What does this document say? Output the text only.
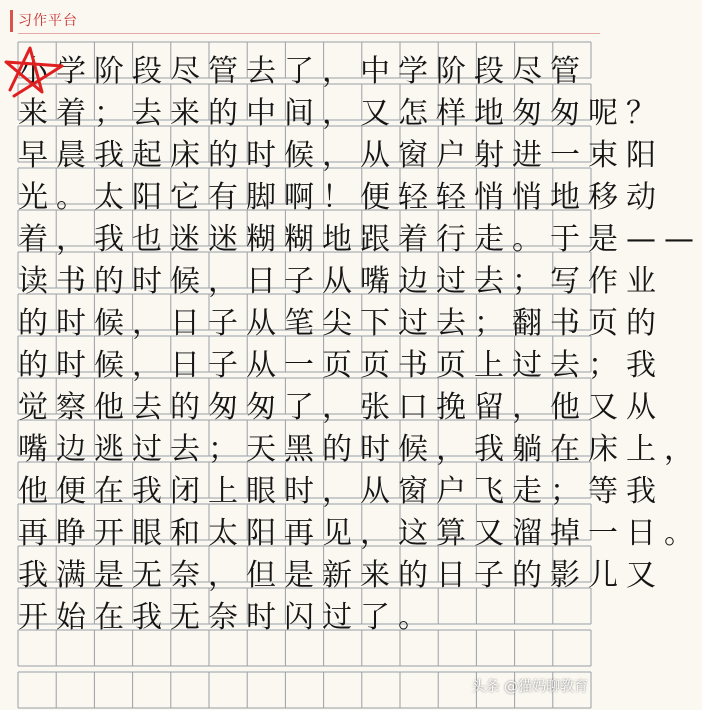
习作平台
小学阶段尽管去了，中学阶段尽管
来着；去来的中间，又怎样地匆匆呢？
早晨我起床的时候，从窗户射进一束阳
光。太阳它有脚啊！便轻轻悄悄地移动
着，我也迷迷糊糊地跟着行走。于是——
读书的时候，日子从嘴边过去；写作业
的时候，日子从笔尖下过去；翻书页的
的时候，日子从一页页书页上过去；我
觉察他去的匆匆了，张口挽留，他又从
嘴边逃过去；天黑的时候，我躺在床上，
他便在我闭上眼时，从窗户飞走；等我
再睁开眼和太阳再见，这算又溜掉一日。
我满是无奈，但是新来的日子的影儿又
开始在我无奈时闪过了。
头条 @猫妈聊教育
